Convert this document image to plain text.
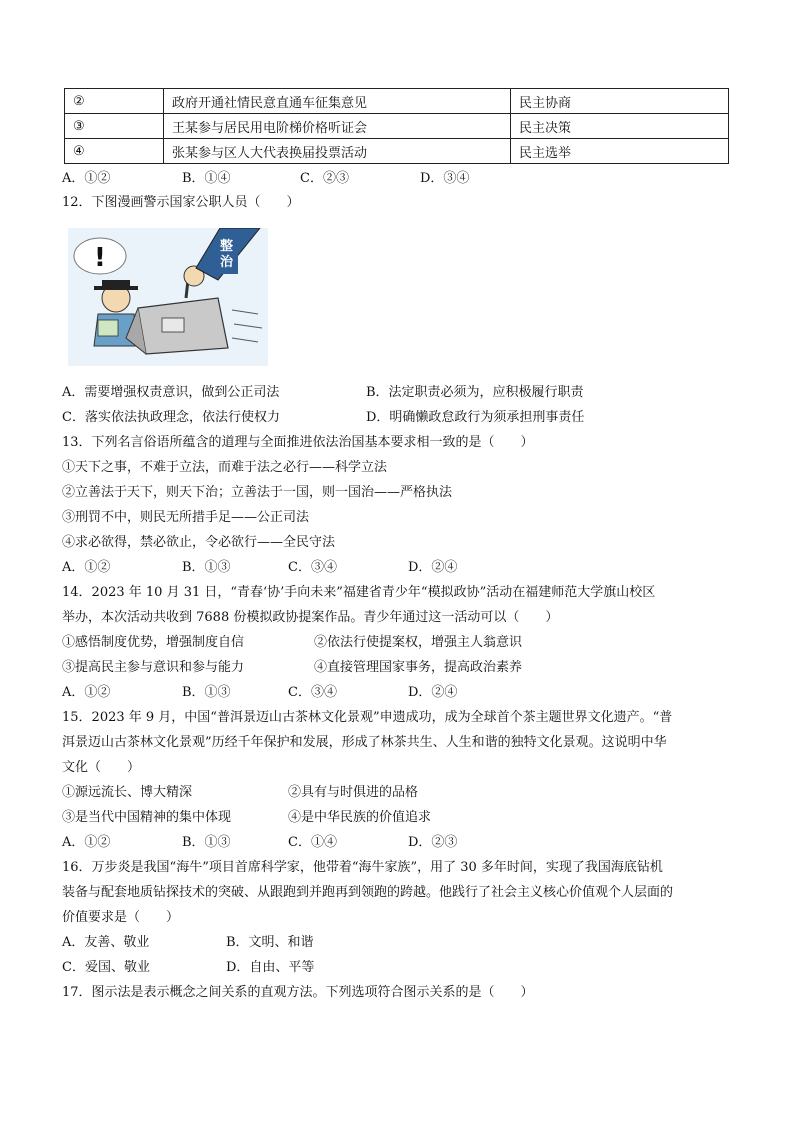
②	政府开通社情民意直通车征集意见	民主协商
③	王某参与居民用电阶梯价格听证会	民主决策
④	张某参与区人大代表换届投票活动	民主选举
A．①②	B．①④	C．②③	D．③④
12．下图漫画警示国家公职人员（　　）
!	整
治
A．需要增强权责意识，做到公正司法	B．法定职责必须为，应积极履行职责
C．落实依法执政理念，依法行使权力	D．明确懒政怠政行为须承担刑事责任
13．下列名言俗语所蕴含的道理与全面推进依法治国基本要求相一致的是（　　）
①天下之事，不难于立法，而难于法之必行——科学立法
②立善法于天下，则天下治；立善法于一国，则一国治——严格执法
③刑罚不中，则民无所措手足——公正司法
④求必欲得，禁必欲止，令必欲行——全民守法
A．①②	B．①③	C．③④	D．②④
14．2023 年 10 月 31 日，“青春‘协’手向未来”福建省青少年“模拟政协”活动在福建师范大学旗山校区
举办，本次活动共收到 7688 份模拟政协提案作品。青少年通过这一活动可以（　　）
①感悟制度优势，增强制度自信	②依法行使提案权，增强主人翁意识
③提高民主参与意识和参与能力	④直接管理国家事务，提高政治素养
A．①②	B．①③	C．③④	D．②④
15．2023 年 9 月，中国“普洱景迈山古茶林文化景观”申遗成功，成为全球首个茶主题世界文化遗产。“普
洱景迈山古茶林文化景观”历经千年保护和发展，形成了林茶共生、人生和谐的独特文化景观。这说明中华
文化（　　）
①源远流长、博大精深	②具有与时俱进的品格
③是当代中国精神的集中体现	④是中华民族的价值追求
A．①②	B．①③	C．①④	D．②③
16．万步炎是我国“海牛”项目首席科学家，他带着“海牛家族”，用了 30 多年时间，实现了我国海底钻机
装备与配套地质钻探技术的突破、从跟跑到并跑再到领跑的跨越。他践行了社会主义核心价值观个人层面的
价值要求是（　　）
A．友善、敬业	B．文明、和谐
C．爱国、敬业	D．自由、平等
17．图示法是表示概念之间关系的直观方法。下列选项符合图示关系的是（　　）
